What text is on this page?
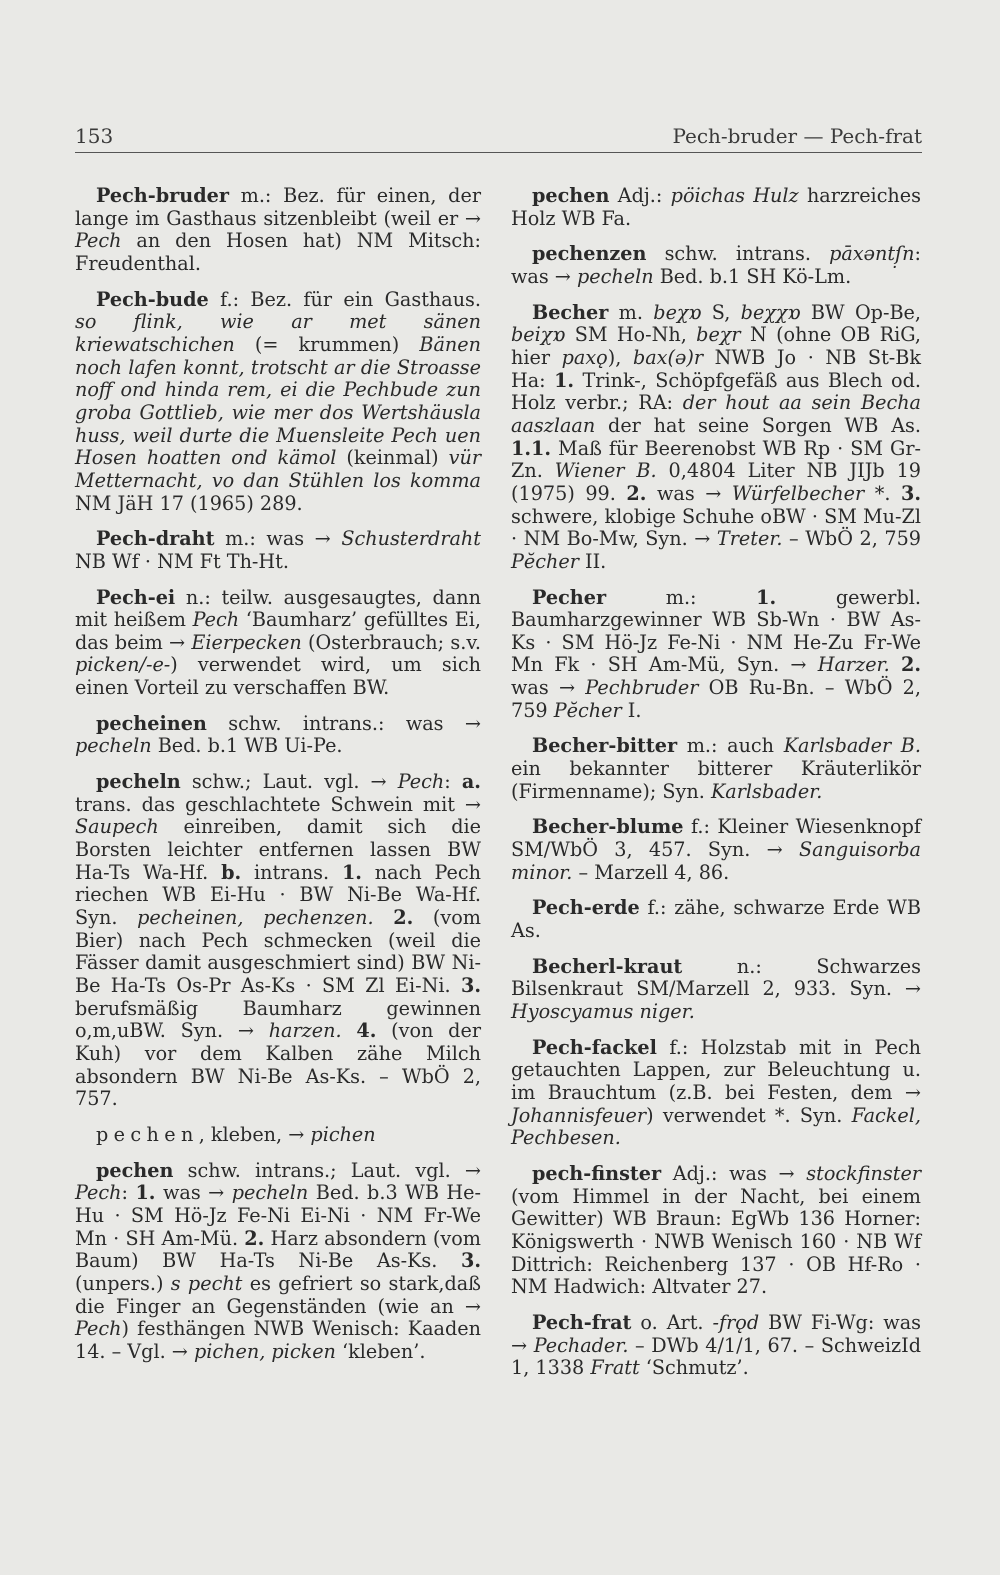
153	Pech-bruder — Pech-frat

Pech-bruder m.: Bez. für einen, der lange im Gasthaus sitzenbleibt (weil er → Pech an den Hosen hat) NM Mitsch: Freudenthal.

Pech-bude f.: Bez. für ein Gasthaus. so flink, wie ar met sänen kriewatschichen (= krummen) Bänen noch lafen konnt, trotscht ar die Stroasse noff ond hinda rem, ei die Pechbude zun groba Gottlieb, wie mer dos Wertshäusla huss, weil durte die Muensleite Pech uen Hosen hoatten ond kämol (keinmal) vür Metternacht, vo dan Stühlen los komma NM JäH 17 (1965) 289.

Pech-draht m.: was → Schusterdraht NB Wf · NM Ft Th-Ht.

Pech-ei n.: teilw. ausgesaugtes, dann mit heißem Pech ‘Baumharz’ gefülltes Ei, das beim → Eierpecken (Osterbrauch; s.v. picken/-e-) verwendet wird, um sich einen Vorteil zu verschaffen BW.

pecheinen schw. intrans.: was → pecheln Bed. b.1 WB Ui-Pe.

pecheln schw.; Laut. vgl. → Pech: a. trans. das geschlachtete Schwein mit → Saupech einreiben, damit sich die Borsten leichter entfernen lassen BW Ha-Ts Wa-Hf. b. intrans. 1. nach Pech riechen WB Ei-Hu · BW Ni-Be Wa-Hf. Syn. pecheinen, pechenzen. 2. (vom Bier) nach Pech schmecken (weil die Fässer damit ausgeschmiert sind) BW Ni-Be Ha-Ts Os-Pr As-Ks · SM Zl Ei-Ni. 3. berufsmäßig Baumharz gewinnen o,m,uBW. Syn. → harzen. 4. (von der Kuh) vor dem Kalben zähe Milch absondern BW Ni-Be As-Ks. – WbÖ 2, 757.

pechen, kleben, → pichen

pechen schw. intrans.; Laut. vgl. → Pech: 1. was → pecheln Bed. b.3 WB He-Hu · SM Hö-Jz Fe-Ni Ei-Ni · NM Fr-We Mn · SH Am-Mü. 2. Harz absondern (vom Baum) BW Ha-Ts Ni-Be As-Ks. 3. (unpers.) s pecht es gefriert so stark,daß die Finger an Gegenständen (wie an → Pech) festhängen NWB Wenisch: Kaaden 14. – Vgl. → pichen, picken ‘kleben’.

pechen Adj.: pöichas Hulz harzreiches Holz WB Fa.

pechenzen schw. intrans. pāxəntſ̣n: was → pecheln Bed. b.1 SH Kö-Lm.

Becher m. beχɒ S, beχχɒ BW Op-Be, beiχɒ SM Ho-Nh, beχr N (ohne OB RiG, hier paxǫ), bax(ə)r NWB Jo · NB St-Bk Ha: 1. Trink-, Schöpfgefäß aus Blech od. Holz verbr.; RA: der hout aa sein Becha aaszlaan der hat seine Sorgen WB As. 1.1. Maß für Beerenobst WB Rp · SM Gr-Zn. Wiener B. 0,4804 Liter NB JIJb 19 (1975) 99. 2. was → Würfelbecher *. 3. schwere, klobige Schuhe oBW · SM Mu-Zl · NM Bo-Mw, Syn. → Treter. – WbÖ 2, 759 Pĕcher II.

Pecher m.: 1. gewerbl. Baumharzgewinner WB Sb-Wn · BW As-Ks · SM Hö-Jz Fe-Ni · NM He-Zu Fr-We Mn Fk · SH Am-Mü, Syn. → Harzer. 2. was → Pechbruder OB Ru-Bn. – WbÖ 2, 759 Pĕcher I.

Becher-bitter m.: auch Karlsbader B. ein bekannter bitterer Kräuterlikör (Firmenname); Syn. Karlsbader.

Becher-blume f.: Kleiner Wiesenknopf SM/WbÖ 3, 457. Syn. → Sanguisorba minor. – Marzell 4, 86.

Pech-erde f.: zähe, schwarze Erde WB As.

Becherl-kraut n.: Schwarzes Bilsenkraut SM/Marzell 2, 933. Syn. → Hyoscyamus niger.

Pech-fackel f.: Holzstab mit in Pech getauchten Lappen, zur Beleuchtung u. im Brauchtum (z.B. bei Festen, dem → Johannisfeuer) verwendet *. Syn. Fackel, Pechbesen.

pech-finster Adj.: was → stockfinster (vom Himmel in der Nacht, bei einem Gewitter) WB Braun: EgWb 136 Horner: Königswerth · NWB Wenisch 160 · NB Wf Dittrich: Reichenberg 137 · OB Hf-Ro · NM Hadwich: Altvater 27.

Pech-frat o. Art. -frǫd BW Fi-Wg: was → Pechader. – DWb 4/1/1, 67. – SchweizId 1, 1338 Fratt ‘Schmutz’.
